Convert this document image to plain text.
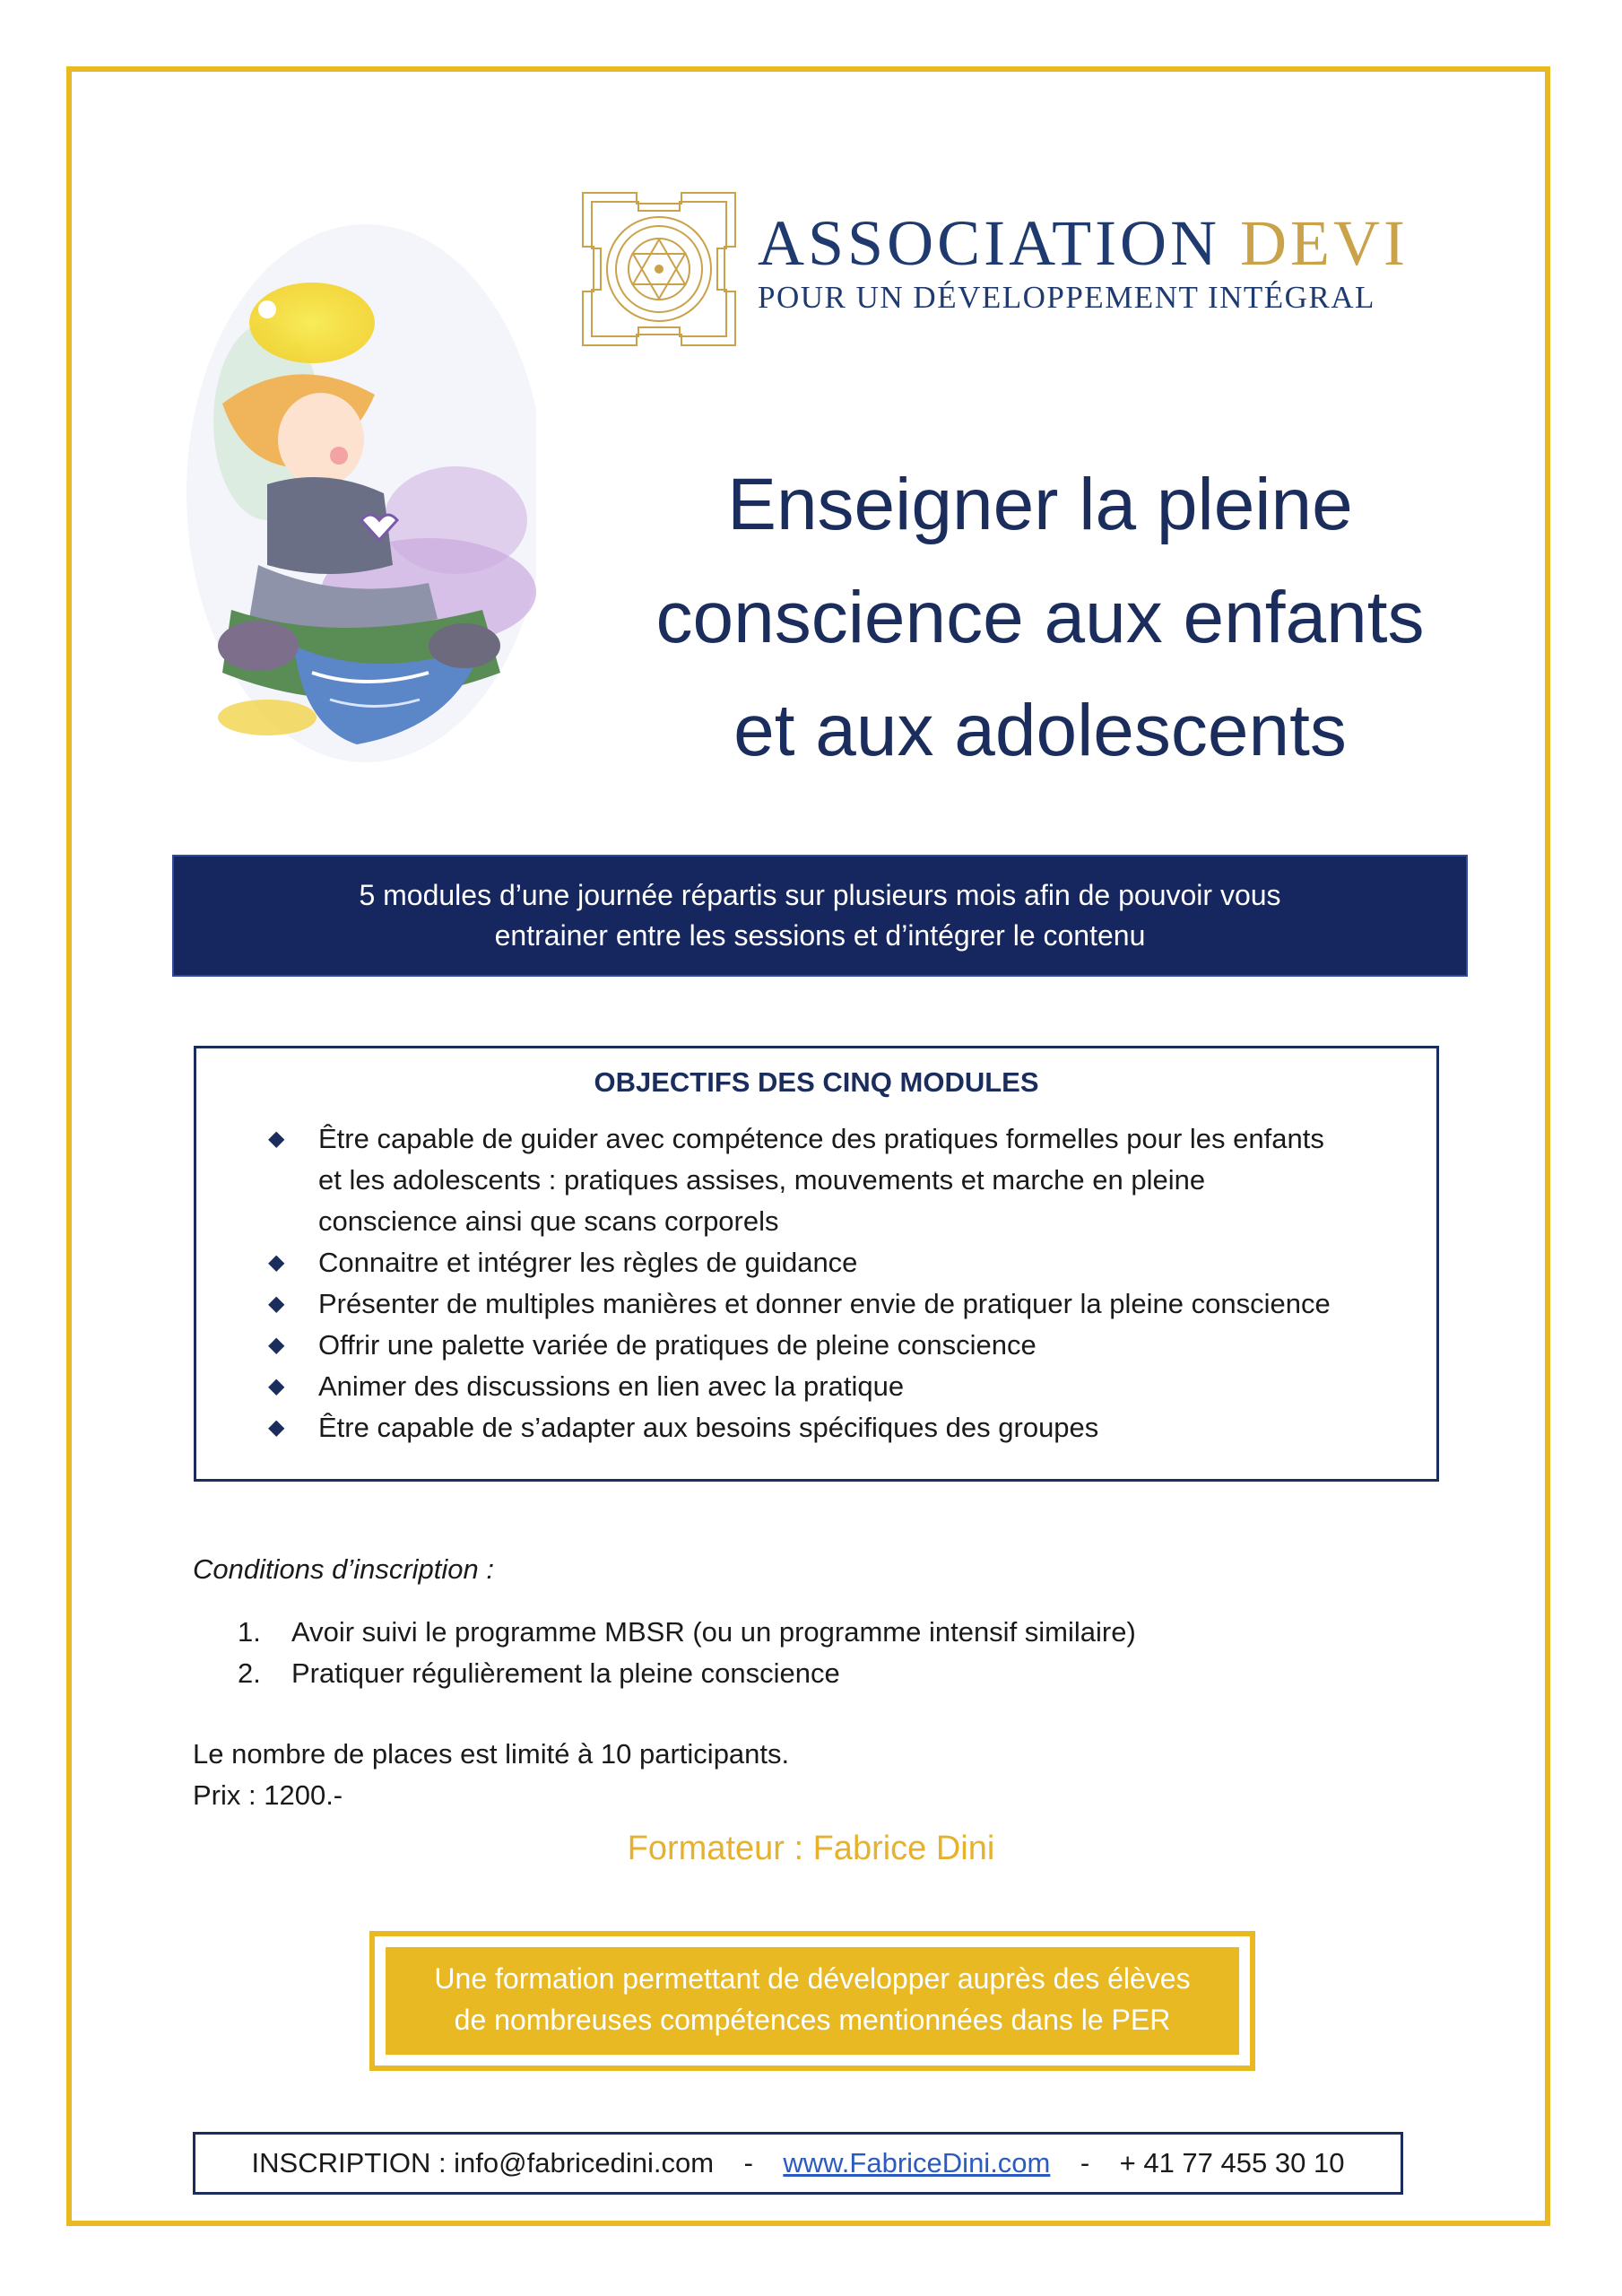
ASSOCIATION DEVI
POUR UN DÉVELOPPEMENT INTÉGRAL
Enseigner la pleine
conscience aux enfants
et aux adolescents
5 modules d’une journée répartis sur plusieurs mois afin de pouvoir vous
entrainer entre les sessions et d’intégrer le contenu
OBJECTIFS DES CINQ MODULES
◆ Être capable de guider avec compétence des pratiques formelles pour les enfants
et les adolescents : pratiques assises, mouvements et marche en pleine
conscience ainsi que scans corporels
◆ Connaitre et intégrer les règles de guidance
◆ Présenter de multiples manières et donner envie de pratiquer la pleine conscience
◆ Offrir une palette variée de pratiques de pleine conscience
◆ Animer des discussions en lien avec la pratique
◆ Être capable de s’adapter aux besoins spécifiques des groupes
Conditions d’inscription :
1. Avoir suivi le programme MBSR (ou un programme intensif similaire)
2. Pratiquer régulièrement la pleine conscience
Le nombre de places est limité à 10 participants.
Prix : 1200.-
Formateur : Fabrice Dini
Une formation permettant de développer auprès des élèves
de nombreuses compétences mentionnées dans le PER
INSCRIPTION : info@fabricedini.com - www.FabriceDini.com - + 41 77 455 30 10
